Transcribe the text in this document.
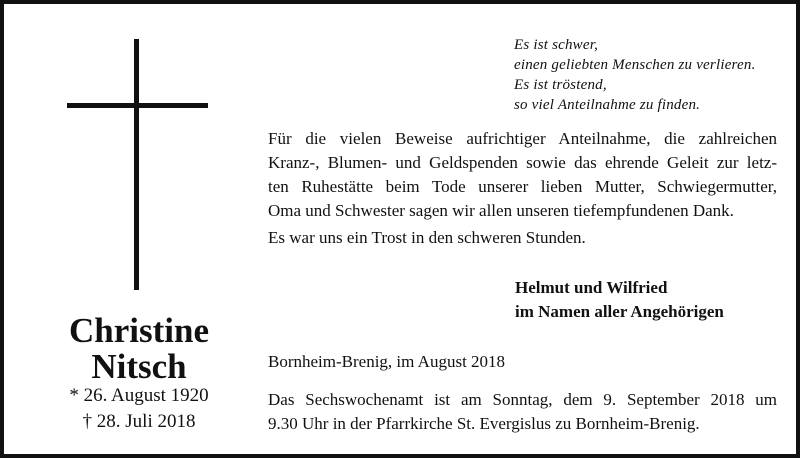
Christine
Nitsch
* 26. August 1920
† 28. Juli 2018
Es ist schwer,
einen geliebten Menschen zu verlieren.
Es ist tröstend,
so viel Anteilnahme zu finden.
Für die vielen Beweise aufrichtiger Anteilnahme, die zahlreichen
Kranz-, Blumen- und Geldspenden sowie das ehrende Geleit zur letz-
ten Ruhestätte beim Tode unserer lieben Mutter, Schwiegermutter,
Oma und Schwester sagen wir allen unseren tiefempfundenen Dank.
Es war uns ein Trost in den schweren Stunden.
Helmut und Wilfried
im Namen aller Angehörigen
Bornheim-Brenig, im August 2018
Das Sechswochenamt ist am Sonntag, dem 9. September 2018 um
9.30 Uhr in der Pfarrkirche St. Evergislus zu Bornheim-Brenig.
